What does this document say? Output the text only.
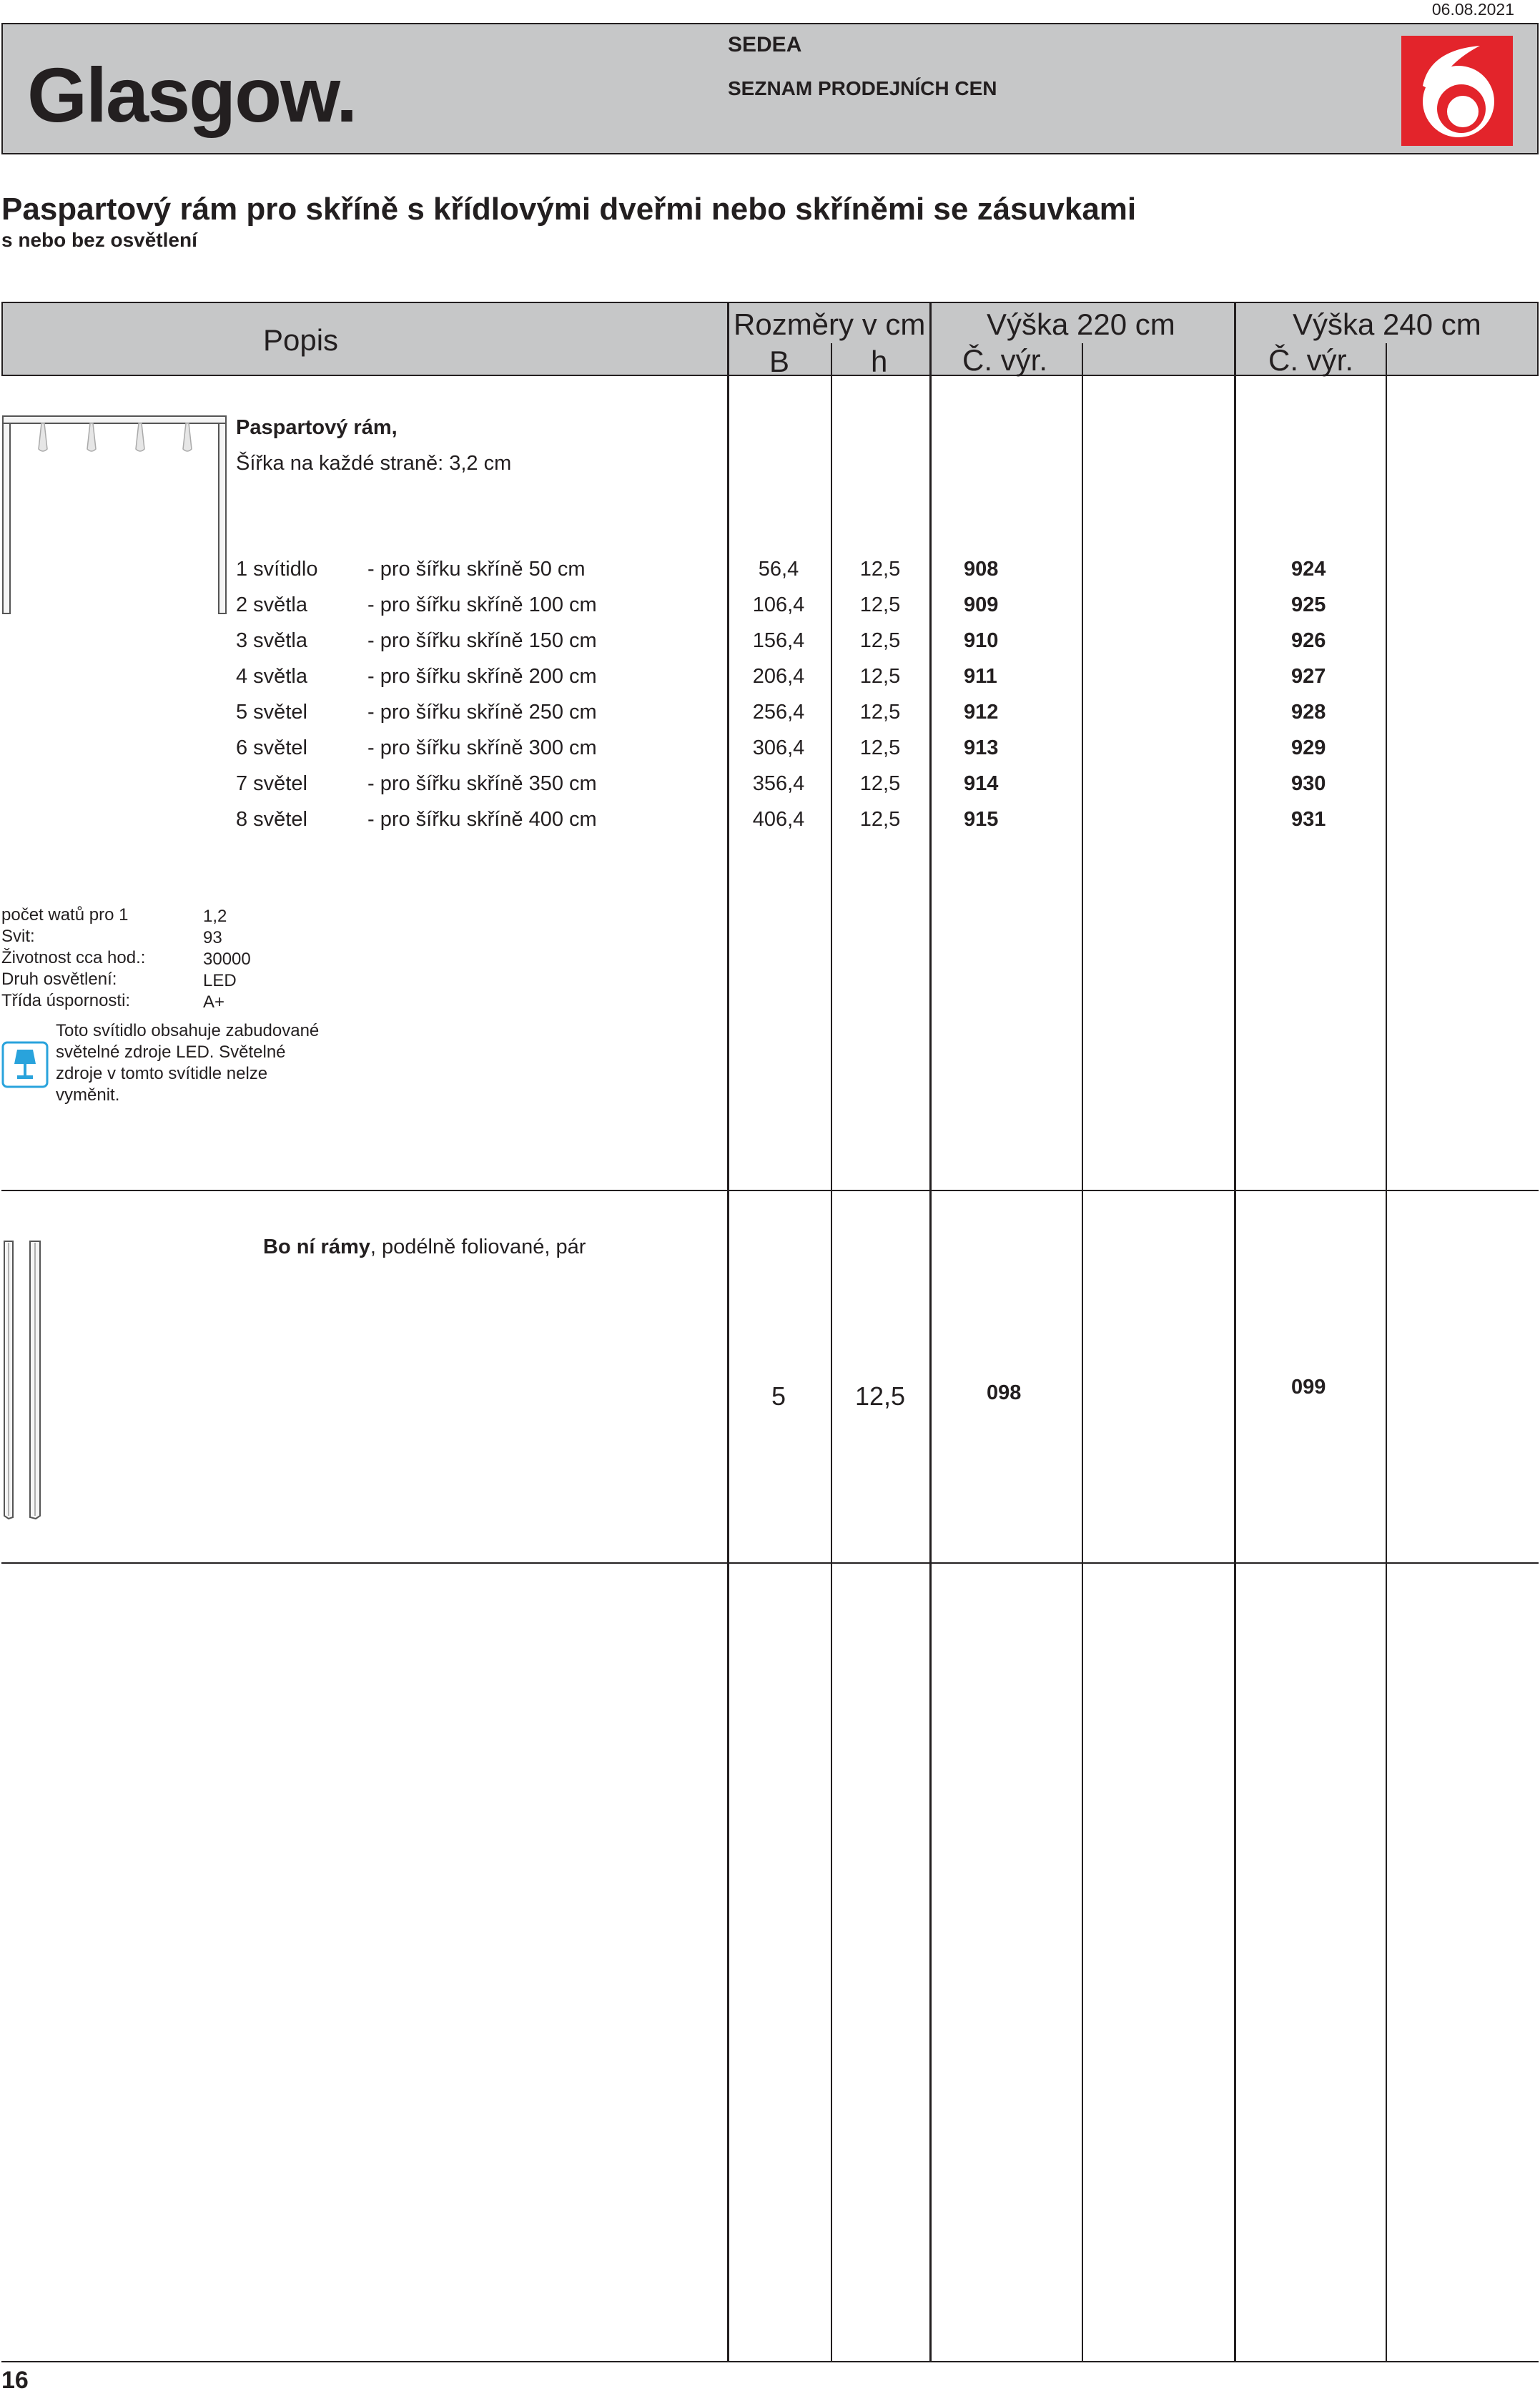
06.08.2021
Glasgow.
SEDEA
SEZNAM PRODEJNÍCH CEN
Paspartový rám pro skříně s křídlovými dveřmi nebo skříněmi se zásuvkami
s nebo bez osvětlení
Popis	Rozměry v cm
B	h
Výška 220 cm
Č. výr.
Výška 240 cm
Č. výr.
Paspartový rám,
Šířka na každé straně: 3,2 cm
1 svítidlo - pro šířku skříně 50 cm	56,4	12,5	908	924
2 světla	- pro šířku skříně 100 cm	106,4	12,5	909	925
3 světla	- pro šířku skříně 150 cm	156,4	12,5	910	926
4 světla	- pro šířku skříně 200 cm	206,4	12,5	911	927
5 světel	- pro šířku skříně 250 cm	256,4	12,5	912	928
6 světel	- pro šířku skříně 300 cm	306,4	12,5	913	929
7 světel	- pro šířku skříně 350 cm	356,4	12,5	914	930
8 světel	- pro šířku skříně 400 cm	406,4	12,5	915	931
počet watů pro 1	1,2
Svit:	93
Životnost cca hod.:	30000
Druh osvětlení:	LED
Třída úspornosti:	A+
Toto svítidlo obsahuje zabudované
světelné zdroje LED. Světelné
zdroje v tomto svítidle nelze
vyměnit.
Bo ní rámy, podélně foliované, pár
5	12,5	098	099
16
